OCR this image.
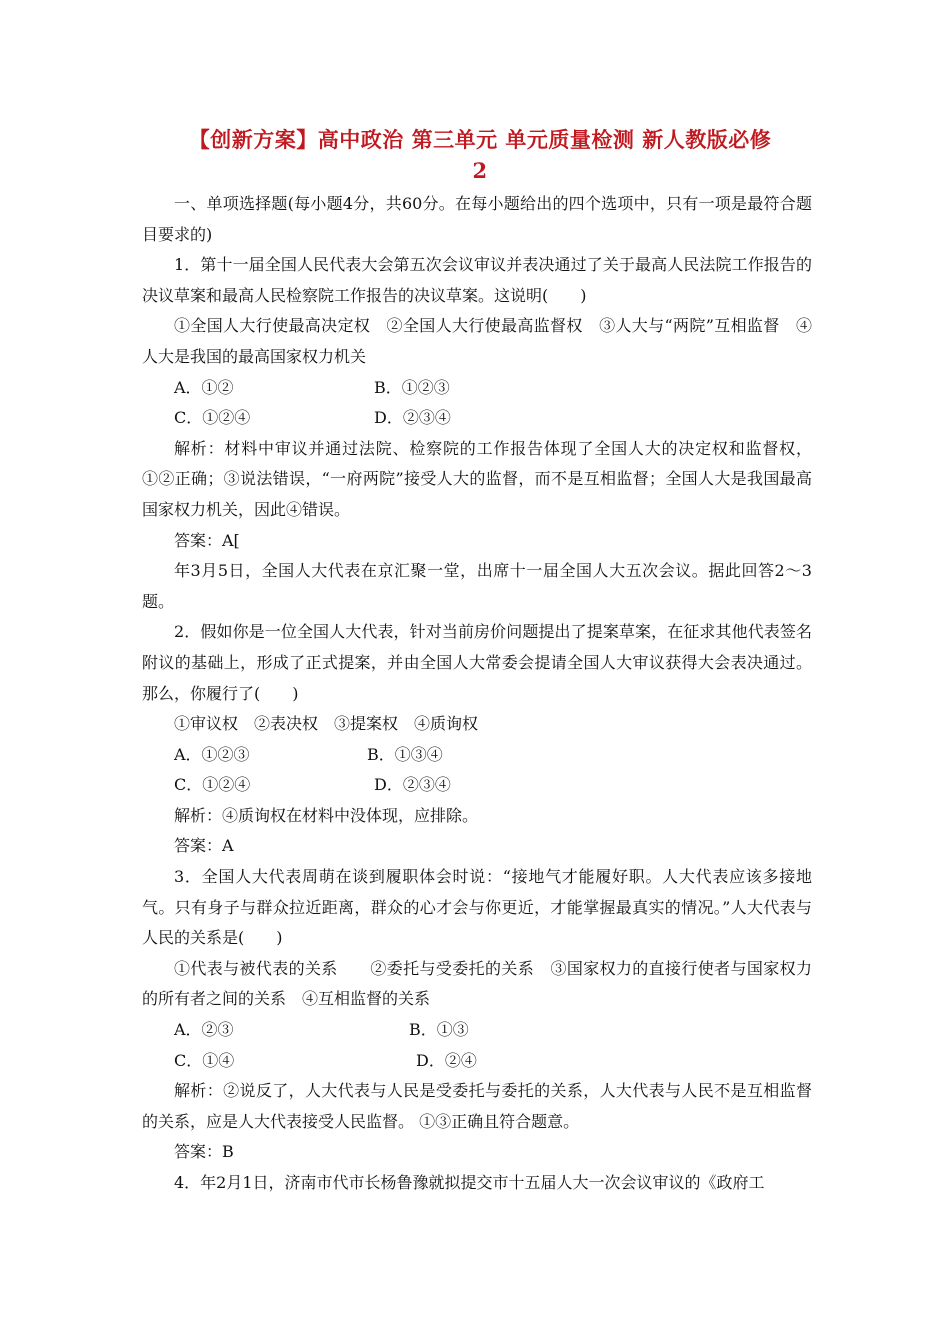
【创新方案】高中政治 第三单元 单元质量检测 新人教版必修
2

一、单项选择题(每小题4分，共60分。在每小题给出的四个选项中，只有一项是最符合题目要求的)

1．第十一届全国人民代表大会第五次会议审议并表决通过了关于最高人民法院工作报告的决议草案和最高人民检察院工作报告的决议草案。这说明(　　)

①全国人大行使最高决定权　②全国人大行使最高监督权　③人大与“两院”互相监督　④人大是我国的最高国家权力机关

A．①②	B．①②③
C．①②④	D．②③④

解析：材料中审议并通过法院、检察院的工作报告体现了全国人大的决定权和监督权，①②正确；③说法错误，“一府两院”接受人大的监督，而不是互相监督；全国人大是我国最高国家权力机关，因此④错误。

答案：A[

年3月5日，全国人大代表在京汇聚一堂，出席十一届全国人大五次会议。据此回答2～3题。

2．假如你是一位全国人大代表，针对当前房价问题提出了提案草案，在征求其他代表签名附议的基础上，形成了正式提案，并由全国人大常委会提请全国人大审议获得大会表决通过。那么，你履行了(　　)

①审议权　②表决权　③提案权　④质询权

A．①②③	B．①③④
C．①②④	D．②③④

解析：④质询权在材料中没体现，应排除。

答案：A

3．全国人大代表周萌在谈到履职体会时说：“接地气才能履好职。人大代表应该多接地气。只有身子与群众拉近距离，群众的心才会与你更近，才能掌握最真实的情况。”人大代表与人民的关系是(　　)

①代表与被代表的关系　　②委托与受委托的关系　③国家权力的直接行使者与国家权力的所有者之间的关系　④互相监督的关系

A．②③	B．①③
C．①④	D．②④

解析：②说反了，人大代表与人民是受委托与委托的关系，人大代表与人民不是互相监督的关系，应是人大代表接受人民监督。 ①③正确且符合题意。

答案：B

4．年2月1日，济南市代市长杨鲁豫就拟提交市十五届人大一次会议审议的《政府工
